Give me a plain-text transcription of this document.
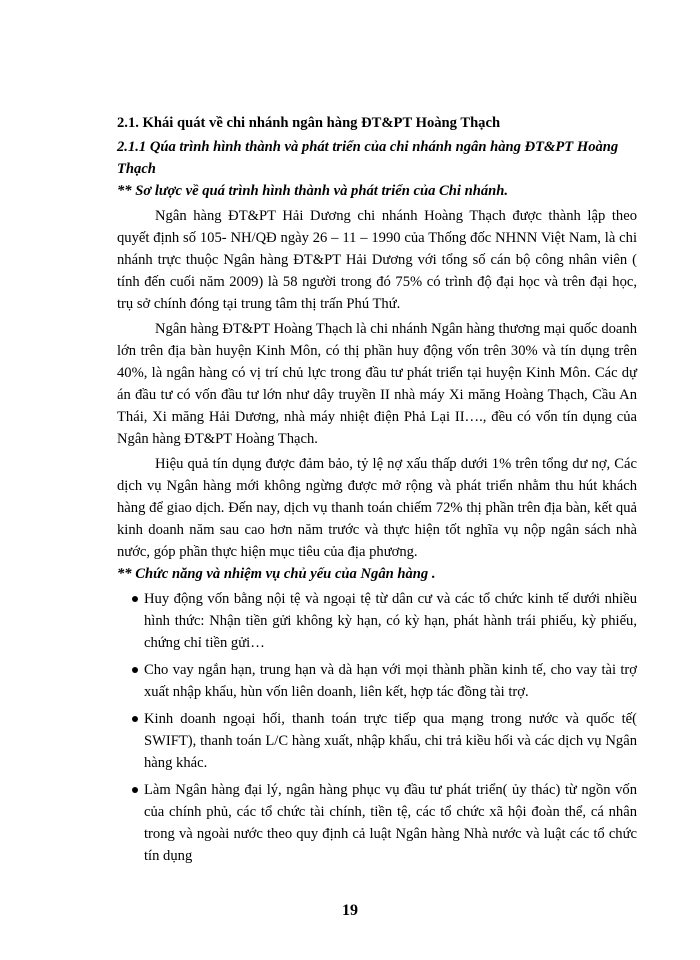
2.1. Khái quát về chi nhánh ngân hàng ĐT&PT Hoàng Thạch
2.1.1 Qúa trình hình thành và phát triển của chi nhánh ngân hàng ĐT&PT Hoàng Thạch
** Sơ lược về quá trình hình thành và phát triển của Chi nhánh.

Ngân hàng ĐT&PT Hải Dương chi nhánh Hoàng Thạch được thành lập theo quyết định số 105- NH/QĐ ngày 26 – 11 – 1990 của Thống đốc NHNN Việt Nam, là chi nhánh trực thuộc Ngân hàng ĐT&PT Hải Dương với tổng số cán bộ công nhân viên ( tính đến cuối năm 2009) là 58 người trong đó 75% có trình độ đại học và trên đại học, trụ sở chính đóng tại trung tâm thị trấn Phú Thứ.

Ngân hàng ĐT&PT Hoàng Thạch là chi nhánh Ngân hàng thương mại quốc doanh lớn trên địa bàn huyện Kinh Môn, có thị phần huy động vốn trên 30% và tín dụng trên 40%, là ngân hàng có vị trí chủ lực trong đầu tư phát triển tại huyện Kinh Môn. Các dự án đầu tư có vốn đầu tư lớn như dây truyền II nhà máy Xi măng Hoàng Thạch, Cầu An Thái, Xi măng Hải Dương, nhà máy nhiệt điện Phả Lại II…., đều có vốn tín dụng của Ngân hàng ĐT&PT Hoàng Thạch.

Hiệu quả tín dụng được đảm bảo, tỷ lệ nợ xấu thấp dưới 1% trên tổng dư nợ, Các dịch vụ Ngân hàng mới không ngừng được mở rộng và phát triển nhằm thu hút khách hàng để giao dịch. Đến nay, dịch vụ thanh toán chiếm 72% thị phần trên địa bàn, kết quả kinh doanh năm sau cao hơn năm trước và thực hiện tốt nghĩa vụ nộp ngân sách nhà nước, góp phần thực hiện mục tiêu của địa phương.

** Chức năng và nhiệm vụ chủ yếu của Ngân hàng .
Huy động vốn bằng nội tệ và ngoại tệ từ dân cư và các tổ chức kinh tế dưới nhiều hình thức: Nhận tiền gửi không kỳ hạn, có kỳ hạn, phát hành trái phiếu, kỳ phiếu, chứng chỉ tiền gửi…
Cho vay ngắn hạn, trung hạn và dà hạn với mọi thành phần kinh tế, cho vay tài trợ xuất nhập khẩu, hùn vốn liên doanh, liên kết, hợp tác đồng tài trợ.
Kinh doanh ngoại hối, thanh toán trực tiếp qua mạng trong nước và quốc tế( SWIFT), thanh toán L/C hàng xuất, nhập khẩu, chi trả kiều hối và các dịch vụ Ngân hàng khác.
Làm Ngân hàng đại lý, ngân hàng phục vụ đầu tư phát triển( ủy thác) từ ngồn vốn của chính phủ, các tổ chức tài chính, tiền tệ, các tổ chức xã hội đoàn thể, cá nhân trong và ngoài nước theo quy định cả luật Ngân hàng Nhà nước và luật các tổ chức tín dụng
19
